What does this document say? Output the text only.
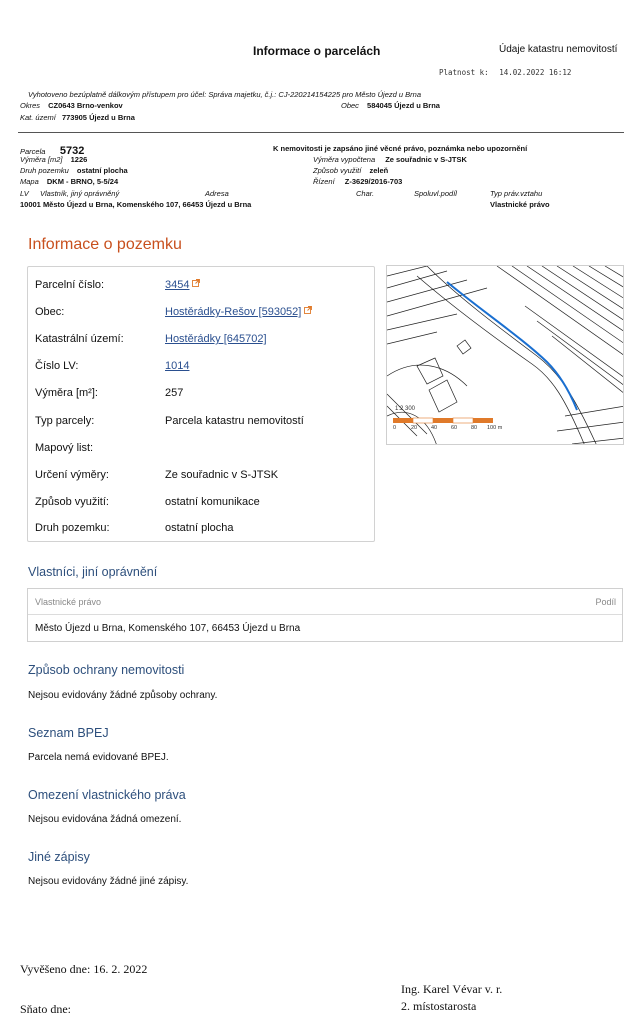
Informace o parcelách	Údaje katastru nemovitostí
Platnost k: 14.02.2022 16:12
Vyhotoveno bezúplatně dálkovým přístupem pro účel: Správa majetku, č.j.: CJ-220214154225 pro Město Újezd u Brna
Okres CZ0643 Brno-venkov	Obec 584045 Újezd u Brna
Kat. území 773905 Újezd u Brna
Parcela 5732	K nemovitosti je zapsáno jiné věcné právo, poznámka nebo upozornění
Výměra [m2] 1226	Výměra vypočtena Ze souřadnic v S-JTSK
Druh pozemku ostatní plocha	Způsob využití zeleň
Mapa DKM - BRNO, 5-5/24	Řízení Z-3629/2016-703
LV Vlastník, jiný oprávněný	Adresa	Char.	Spoluvl.podíl	Typ práv.vztahu
10001 Město Újezd u Brna, Komenského 107, 66453 Újezd u Brna	Vlastnické právo
Informace o pozemku
Parcelní číslo:	3454
Obec:	Hostěrádky-Rešov [593052]
Katastrální území:	Hostěrádky [645702]
Číslo LV:	1014
Výměra [m²]:	257
Typ parcely:	Parcela katastru nemovitostí
Mapový list:
Určení výměry:	Ze souřadnic v S-JTSK
Způsob využití:	ostatní komunikace
Druh pozemku:	ostatní plocha
1:2 300
0	20	40	60	80 100 m
Vlastníci, jiní oprávnění
Vlastnické právo	Podíl
Město Újezd u Brna, Komenského 107, 66453 Újezd u Brna
Způsob ochrany nemovitosti
Nejsou evidovány žádné způsoby ochrany.
Seznam BPEJ
Parcela nemá evidované BPEJ.
Omezení vlastnického práva
Nejsou evidována žádná omezení.
Jiné zápisy
Nejsou evidovány žádné jiné zápisy.
Vyvěšeno dne: 16. 2. 2022
Sňato dne:
Ing. Karel Vévar v. r.
2. místostarosta
